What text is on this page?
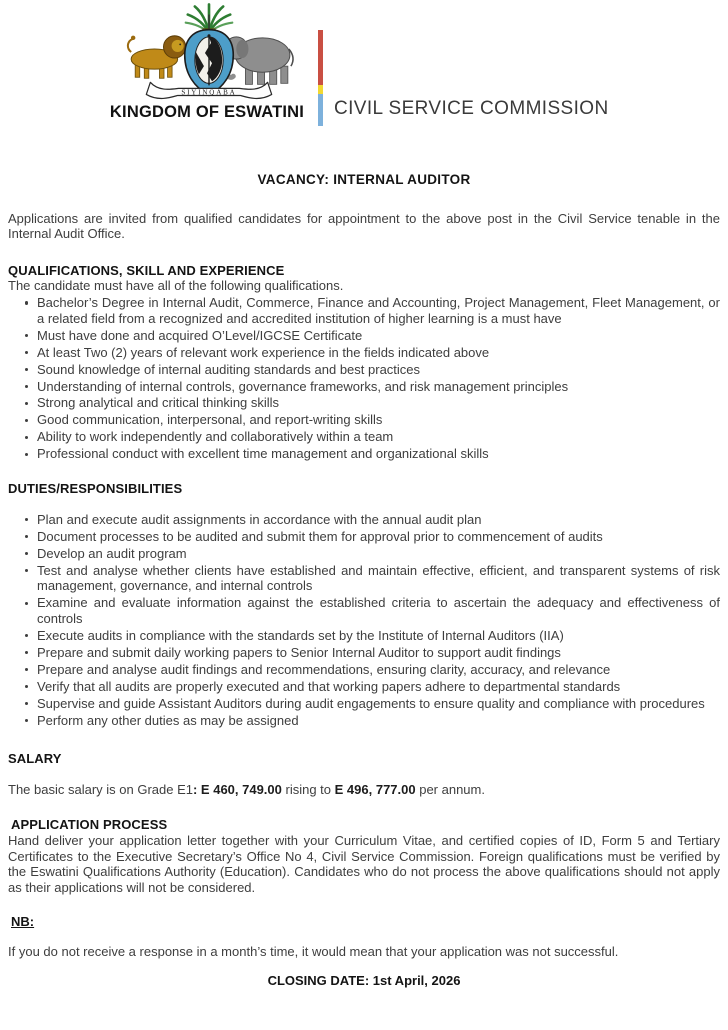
SIYINQABA
KINGDOM OF ESWATINI	CIVIL SERVICE COMMISSION
VACANCY: INTERNAL AUDITOR

Applications are invited from qualified candidates for appointment to the above post in the Civil Service tenable in the Internal Audit Office.

QUALIFICATIONS, SKILL AND EXPERIENCE

The candidate must have all of the following qualifications.

Bachelor’s Degree in Internal Audit, Commerce, Finance and Accounting, Project Management, Fleet Management, or a related field from a recognized and accredited institution of higher learning is a must have
Must have done and acquired O’Level/IGCSE Certificate
At least Two (2) years of relevant work experience in the fields indicated above
Sound knowledge of internal auditing standards and best practices
Understanding of internal controls, governance frameworks, and risk management principles
Strong analytical and critical thinking skills
Good communication, interpersonal, and report-writing skills
Ability to work independently and collaboratively within a team
Professional conduct with excellent time management and organizational skills
DUTIES/RESPONSIBILITIES
Plan and execute audit assignments in accordance with the annual audit plan
Document processes to be audited and submit them for approval prior to commencement of audits
Develop an audit program
Test and analyse whether clients have established and maintain effective, efficient, and transparent systems of risk management, governance, and internal controls
Examine and evaluate information against the established criteria to ascertain the adequacy and effectiveness of controls
Execute audits in compliance with the standards set by the Institute of Internal Auditors (IIA)
Prepare and submit daily working papers to Senior Internal Auditor to support audit findings
Prepare and analyse audit findings and recommendations, ensuring clarity, accuracy, and relevance
Verify that all audits are properly executed and that working papers adhere to departmental standards
Supervise and guide Assistant Auditors during audit engagements to ensure quality and compliance with procedures
Perform any other duties as may be assigned
SALARY

The basic salary is on Grade E1: E 460, 749.00 rising to E 496, 777.00 per annum.

APPLICATION PROCESS

Hand deliver your application letter together with your Curriculum Vitae, and certified copies of ID, Form 5 and Tertiary Certificates to the Executive Secretary’s Office No 4, Civil Service Commission. Foreign qualifications must be verified by the Eswatini Qualifications Authority (Education). Candidates who do not process the above qualifications should not apply as their applications will not be considered.

NB:

If you do not receive a response in a month’s time, it would mean that your application was not successful.

CLOSING DATE: 1st April, 2026
